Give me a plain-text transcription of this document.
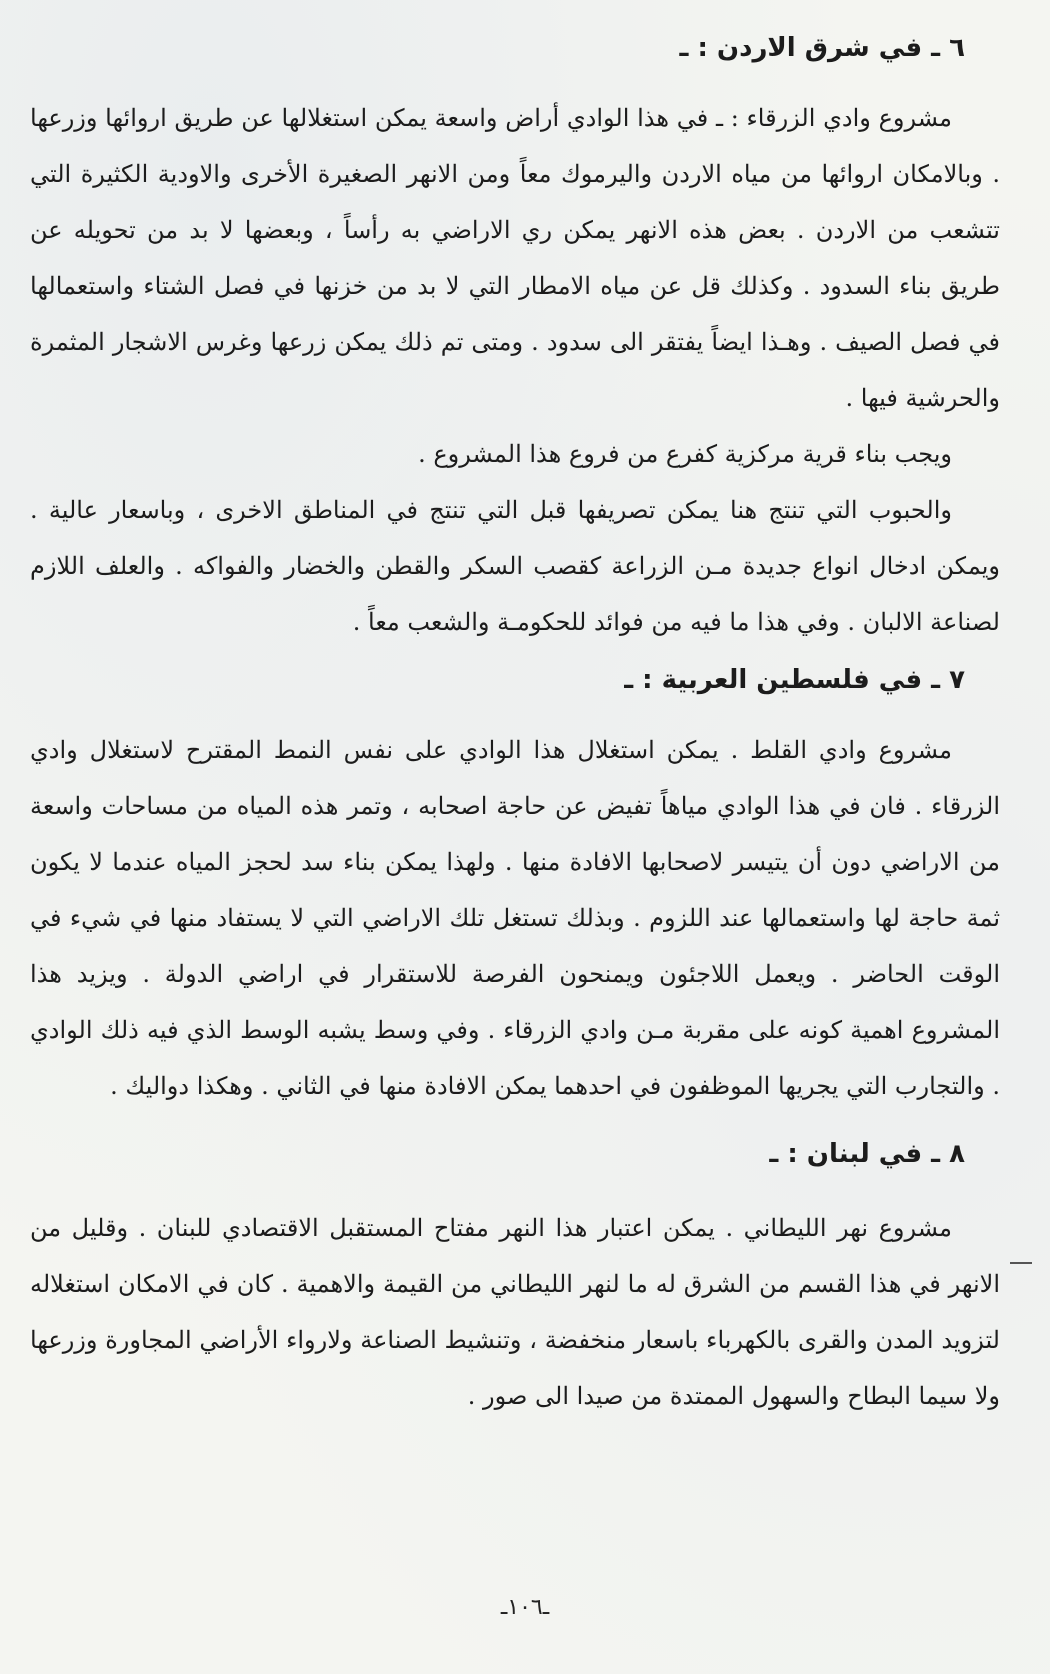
٦ ـ في شرق الاردن : ـ

مشروع وادي الزرقاء : ـ في هذا الوادي أراض واسعة يمكن استغلالها عن طريق اروائها وزرعها . وبالامكان اروائها من مياه الاردن واليرموك معاً ومن الانهر الصغيرة الأخرى والاودية الكثيرة التي تتشعب من الاردن . بعض هذه الانهر يمكن ري الاراضي به رأساً ، وبعضها لا بد من تحويله عن طريق بناء السدود . وكذلك قل عن مياه الامطار التي لا بد من خزنها في فصل الشتاء واستعمالها في فصل الصيف . وهـذا ايضاً يفتقر الى سدود . ومتى تم ذلك يمكن زرعها وغرس الاشجار المثمرة والحرشية فيها .

ويجب بناء قرية مركزية كفرع من فروع هذا المشروع .

والحبوب التي تنتج هنا يمكن تصريفها قبل التي تنتج في المناطق الاخرى ، وباسعار عالية . ويمكن ادخال انواع جديدة مـن الزراعة كقصب السكر والقطن والخضار والفواكه . والعلف اللازم لصناعة الالبان . وفي هذا ما فيه من فوائد للحكومـة والشعب معاً .

٧ ـ في فلسطين العربية : ـ

مشروع وادي القلط . يمكن استغلال هذا الوادي على نفس النمط المقترح لاستغلال وادي الزرقاء . فان في هذا الوادي مياهاً تفيض عن حاجة اصحابه ، وتمر هذه المياه من مساحات واسعة من الاراضي دون أن يتيسر لاصحابها الافادة منها . ولهذا يمكن بناء سد لحجز المياه عندما لا يكون ثمة حاجة لها واستعمالها عند اللزوم . وبذلك تستغل تلك الاراضي التي لا يستفاد منها في شيء في الوقت الحاضر . ويعمل اللاجئون ويمنحون الفرصة للاستقرار في اراضي الدولة . ويزيد هذا المشروع اهمية كونه على مقربة مـن وادي الزرقاء . وفي وسط يشبه الوسط الذي فيه ذلك الوادي . والتجارب التي يجريها الموظفون في احدهما يمكن الافادة منها في الثاني . وهكذا دواليك .

٨ ـ في لبنان : ـ

مشروع نهر الليطاني . يمكن اعتبار هذا النهر مفتاح المستقبل الاقتصادي للبنان . وقليل من الانهر في هذا القسم من الشرق له ما لنهر الليطاني من القيمة والاهمية . كان في الامكان استغلاله لتزويد المدن والقرى بالكهرباء باسعار منخفضة ، وتنشيط الصناعة ولارواء الأراضي المجاورة وزرعها ولا سيما البطاح والسهول الممتدة من صيدا الى صور .

ـ١٠٦ـ
